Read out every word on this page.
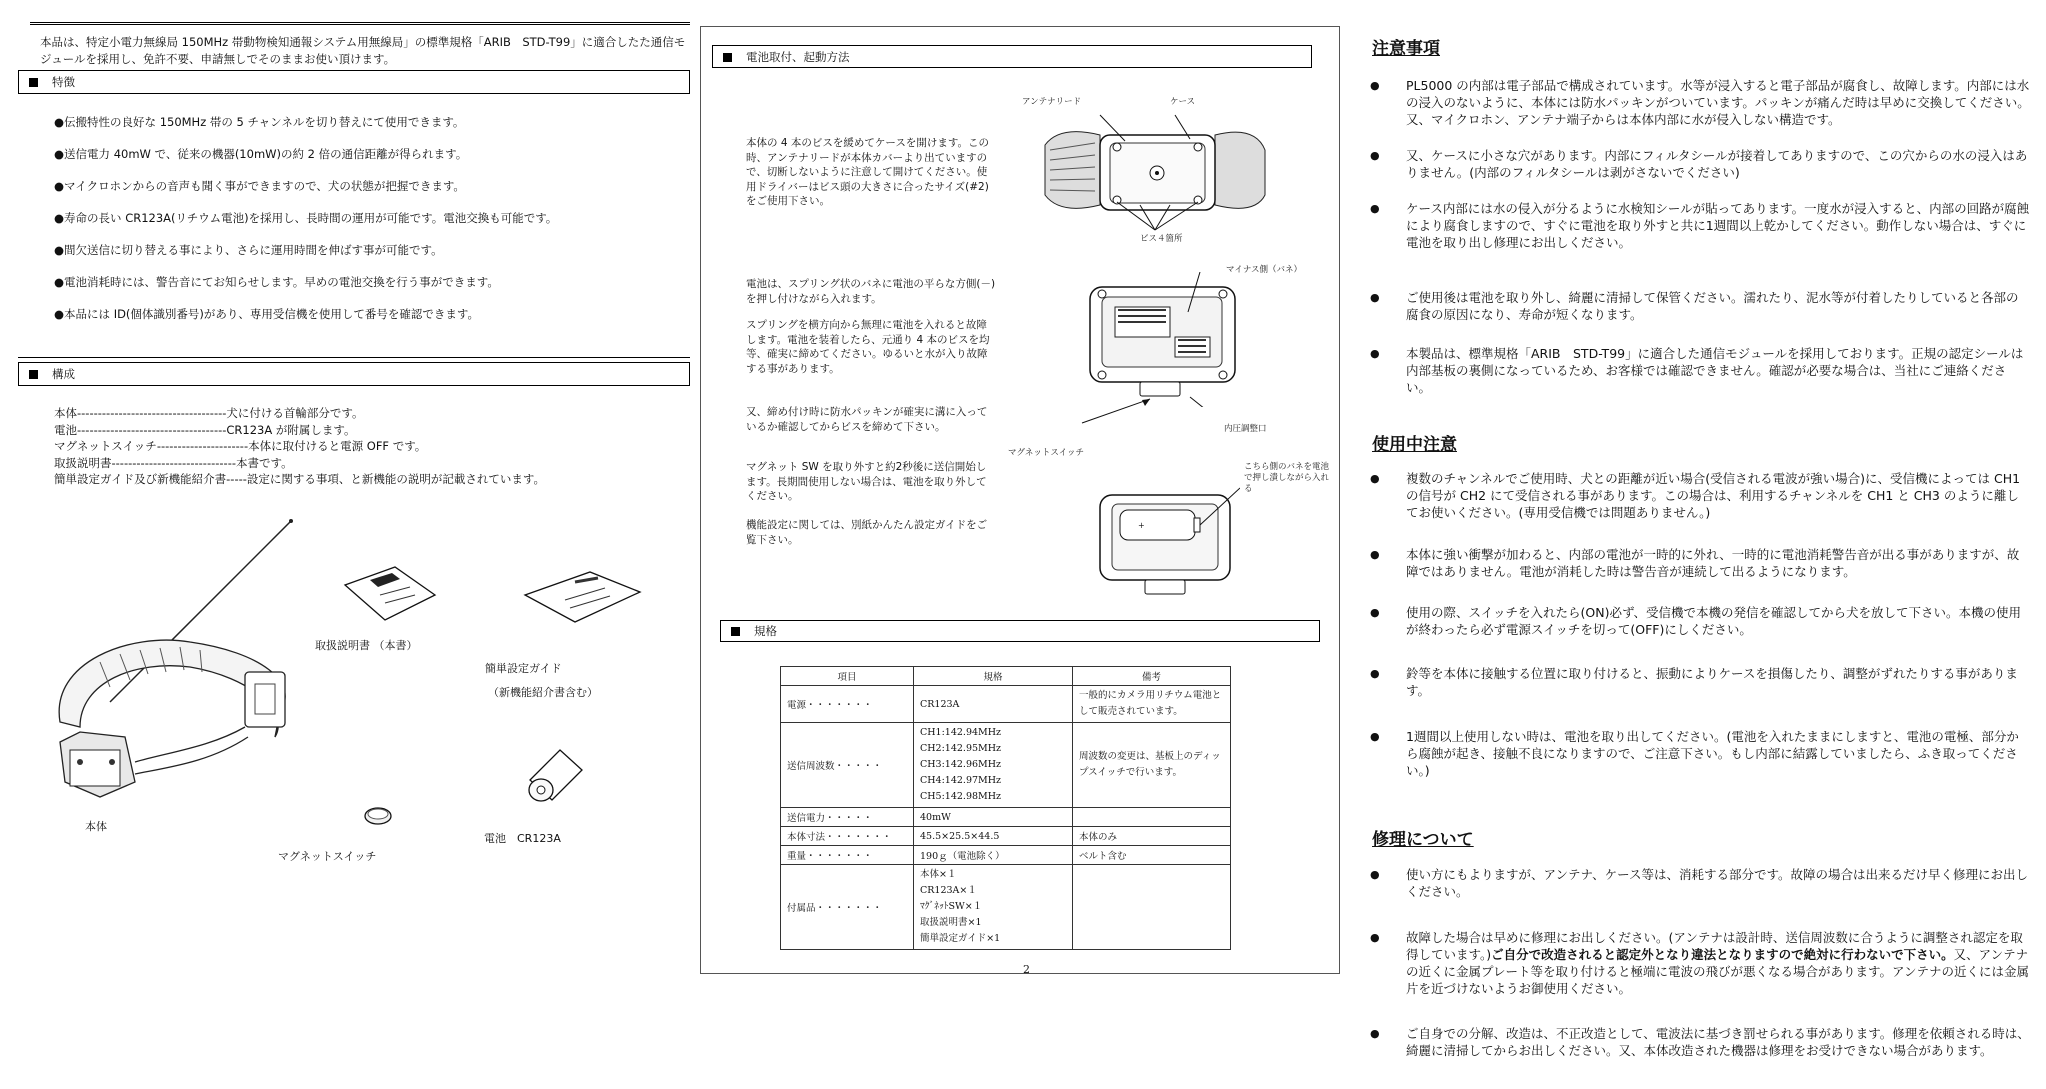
本品は、特定小電力無線局 150MHz 帯動物検知通報システム用無線局」の標準規格「ARIB　STD-T99」に適合したた通信モジュールを採用し、免許不要、申請無しでそのままお使い頂けます。
特徴
●伝搬特性の良好な 150MHz 帯の 5 チャンネルを切り替えにて使用できます。
●送信電力 40mW で、従来の機器(10mW)の約 2 倍の通信距離が得られます。
●マイクロホンからの音声も聞く事ができますので、犬の状態が把握できます。
●寿命の長い CR123A(リチウム電池)を採用し、長時間の運用が可能です。電池交換も可能です。
●間欠送信に切り替える事により、さらに運用時間を伸ばす事が可能です。
●電池消耗時には、警告音にてお知らせします。早めの電池交換を行う事ができます。
●本品には ID(個体識別番号)があり、専用受信機を使用して番号を確認できます。
構成
本体------------------------------------犬に付ける首輪部分です。
電池------------------------------------CR123A が附属します。
マグネットスイッチ----------------------本体に取付けると電源 OFF です。
取扱説明書------------------------------本書です。
簡単設定ガイド及び新機能紹介書-----設定に関する事項、と新機能の説明が記載されています。
取扱説明書 （本書）
簡単設定ガイド
（新機能紹介書含む）
本体
電池　CR123A
マグネットスイッチ
電池取付、起動方法
本体の 4 本のビスを緩めてケースを開けます。この時、アンテナリードが本体カバーより出ていますので、切断しないように注意して開けてください。使用ドライバーはビス頭の大きさに合ったサイズ(#2)をご使用下さい。
電池は、スプリング状のバネに電池の平らな方側(－)を押し付けながら入れます。
スプリングを横方向から無理に電池を入れると故障します。電池を装着したら、元通り 4 本のビスを均等、確実に締めてください。ゆるいと水が入り故障する事があります。
又、締め付け時に防水パッキンが確実に溝に入っているか確認してからビスを締めて下さい。
マグネット SW を取り外すと約2秒後に送信開始します。長期間使用しない場合は、電池を取り外してください。
機能設定に関しては、別紙かんたん設定ガイドをご覧下さい。
アンテナリード	ケース
ビス４箇所
マイナス側（バネ）
内圧調整口
マグネットスイッチ
+
こちら側のバネを電池で押し潰しながら入れる
規格
項目	規格	備考
電源・・・・・・・	CR123A	一般的にカメラ用リチウム電池として販売されています。
送信周波数・・・・・	CH1:142.94MHz
CH2:142.95MHz
CH3:142.96MHz
CH4:142.97MHz
CH5:142.98MHz	周波数の変更は、基板上のディップスイッチで行います。
送信電力・・・・・	40mW	
本体寸法・・・・・・・	45.5×25.5×44.5	本体のみ
重量・・・・・・・	190ｇ（電池除く）	ベルト含む
付属品・・・・・・・	本体×１
CR123A×１
ﾏｸﾞﾈｯﾄSW×１
取扱説明書×1
簡単設定ガイド×1	

2
注意事項
● PL5000 の内部は電子部品で構成されています。水等が浸入すると電子部品が腐食し、故障します。内部には水の浸入のないように、本体には防水パッキンがついています。パッキンが痛んだ時は早めに交換してください。又、マイクロホン、アンテナ端子からは本体内部に水が侵入しない構造です。
● 又、ケースに小さな穴があります。内部にフィルタシールが接着してありますので、この穴からの水の浸入はありません。(内部のフィルタシールは剥がさないでください)
● ケース内部には水の侵入が分るように水検知シールが貼ってあります。一度水が浸入すると、内部の回路が腐蝕により腐食しますので、すぐに電池を取り外すと共に1週間以上乾かしてください。動作しない場合は、すぐに電池を取り出し修理にお出しください。
● ご使用後は電池を取り外し、綺麗に清掃して保管ください。濡れたり、泥水等が付着したりしていると各部の腐食の原因になり、寿命が短くなります。
● 本製品は、標準規格「ARIB　STD-T99」に適合した通信モジュールを採用しております。正規の認定シールは内部基板の裏側になっているため、お客様では確認できません。確認が必要な場合は、当社にご連絡ください。
使用中注意
● 複数のチャンネルでご使用時、犬との距離が近い場合(受信される電波が強い場合)に、受信機によっては CH1 の信号が CH2 にて受信される事があります。この場合は、利用するチャンネルを CH1 と CH3 のように離してお使いください。(専用受信機では問題ありません。)
● 本体に強い衝撃が加わると、内部の電池が一時的に外れ、一時的に電池消耗警告音が出る事がありますが、故障ではありません。電池が消耗した時は警告音が連続して出るようになります。
● 使用の際、スイッチを入れたら(ON)必ず、受信機で本機の発信を確認してから犬を放して下さい。本機の使用が終わったら必ず電源スイッチを切って(OFF)にしください。
● 鈴等を本体に接触する位置に取り付けると、振動によりケースを損傷したり、調整がずれたりする事があります。
● 1週間以上使用しない時は、電池を取り出してください。(電池を入れたままにしますと、電池の電極、部分から腐蝕が起き、接触不良になりますので、ご注意下さい。もし内部に結露していましたら、ふき取ってください。)
修理について
● 使い方にもよりますが、アンテナ、ケース等は、消耗する部分です。故障の場合は出来るだけ早く修理にお出しください。
● 故障した場合は早めに修理にお出しください。(アンテナは設計時、送信周波数に合うように調整され認定を取得しています。)ご自分で改造されると認定外となり違法となりますので絶対に行わないで下さい。又、アンテナの近くに金属プレート等を取り付けると極端に電波の飛びが悪くなる場合があります。アンテナの近くには金属片を近づけないようお御使用ください。
● ご自身での分解、改造は、不正改造として、電波法に基づき罰せられる事があります。修理を依頼される時は、綺麗に清掃してからお出しください。又、本体改造された機器は修理をお受けできない場合があります。
